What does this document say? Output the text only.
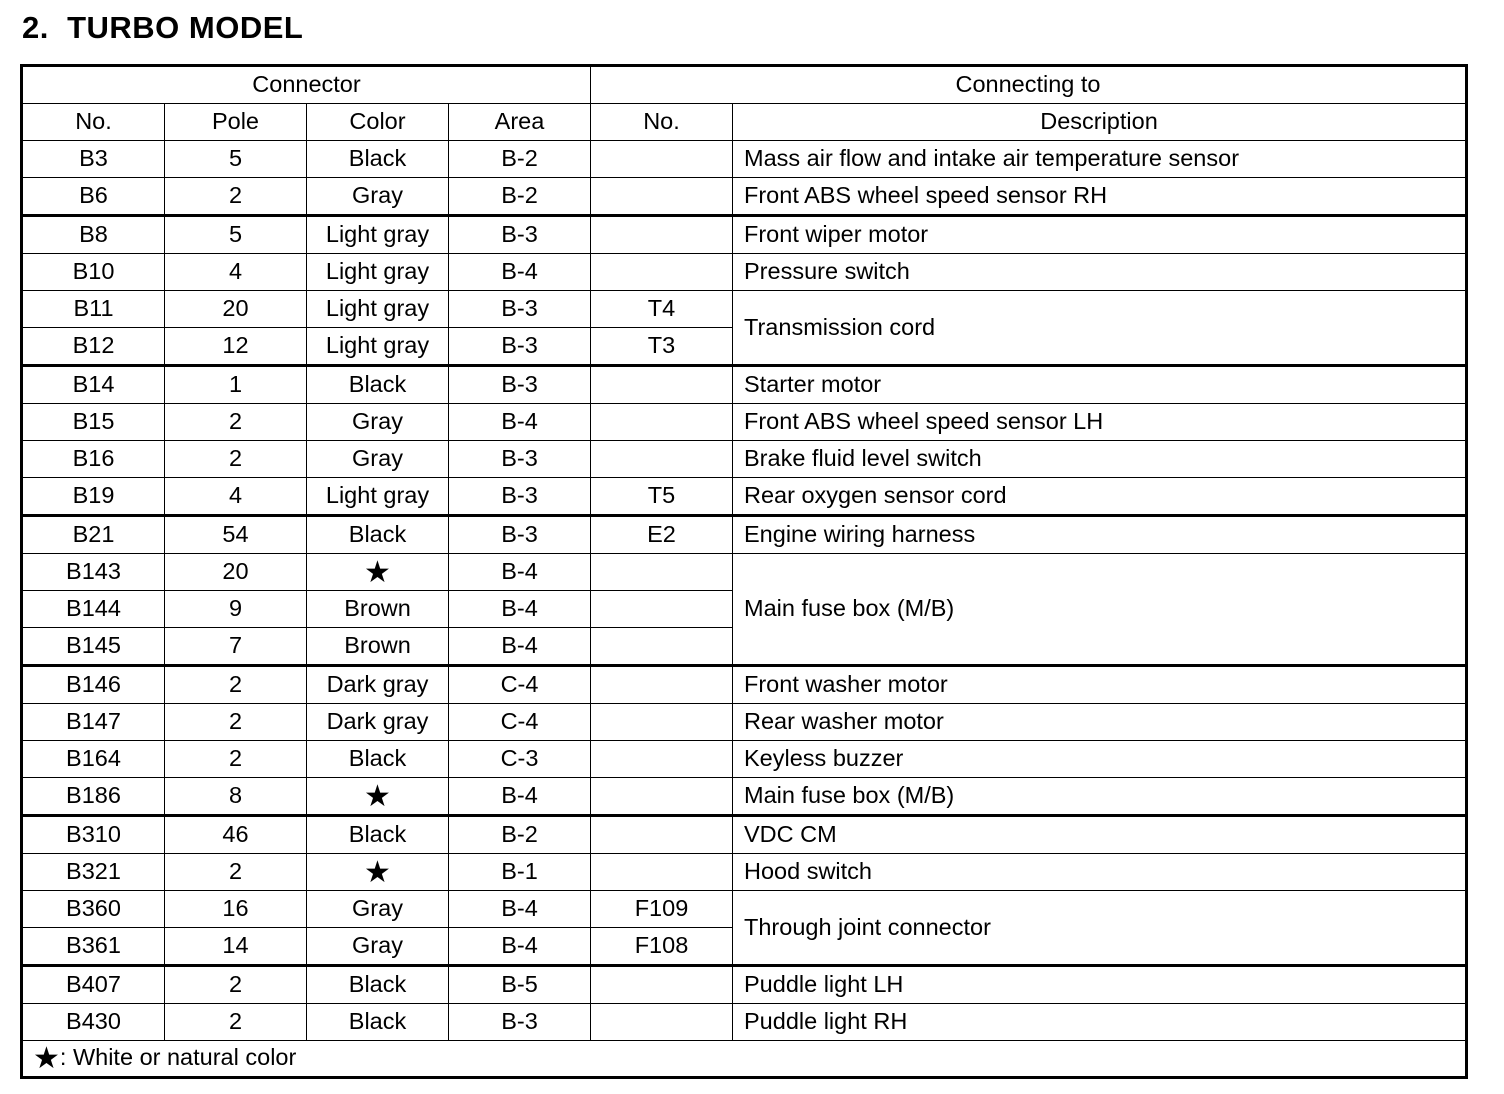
2.  TURBO MODEL
Connector				Connecting to	
No.	Pole	Color	Area	No.	Description
B3	5	Black	B-2		Mass air flow and intake air temperature sensor
B6	2	Gray	B-2		Front ABS wheel speed sensor RH
B8	5	Light gray	B-3		Front wiper motor
B10	4	Light gray	B-4		Pressure switch
B11	20	Light gray	B-3	T4	Transmission cord
B12	12	Light gray	B-3	T3	
B14	1	Black	B-3		Starter motor
B15	2	Gray	B-4		Front ABS wheel speed sensor LH
B16	2	Gray	B-3		Brake fluid level switch
B19	4	Light gray	B-3	T5	Rear oxygen sensor cord
B21	54	Black	B-3	E2	Engine wiring harness
B143	20	★	B-4		Main fuse box (M/B)
B144	9	Brown	B-4		
B145	7	Brown	B-4		
B146	2	Dark gray	C-4		Front washer motor
B147	2	Dark gray	C-4		Rear washer motor
B164	2	Black	C-3		Keyless buzzer
B186	8	★	B-4		Main fuse box (M/B)
B310	46	Black	B-2		VDC CM
B321	2	★	B-1		Hood switch
B360	16	Gray	B-4	F109	Through joint connector
B361	14	Gray	B-4	F108	
B407	2	Black	B-5		Puddle light LH
B430	2	Black	B-3		Puddle light RH
★: White or natural color					
